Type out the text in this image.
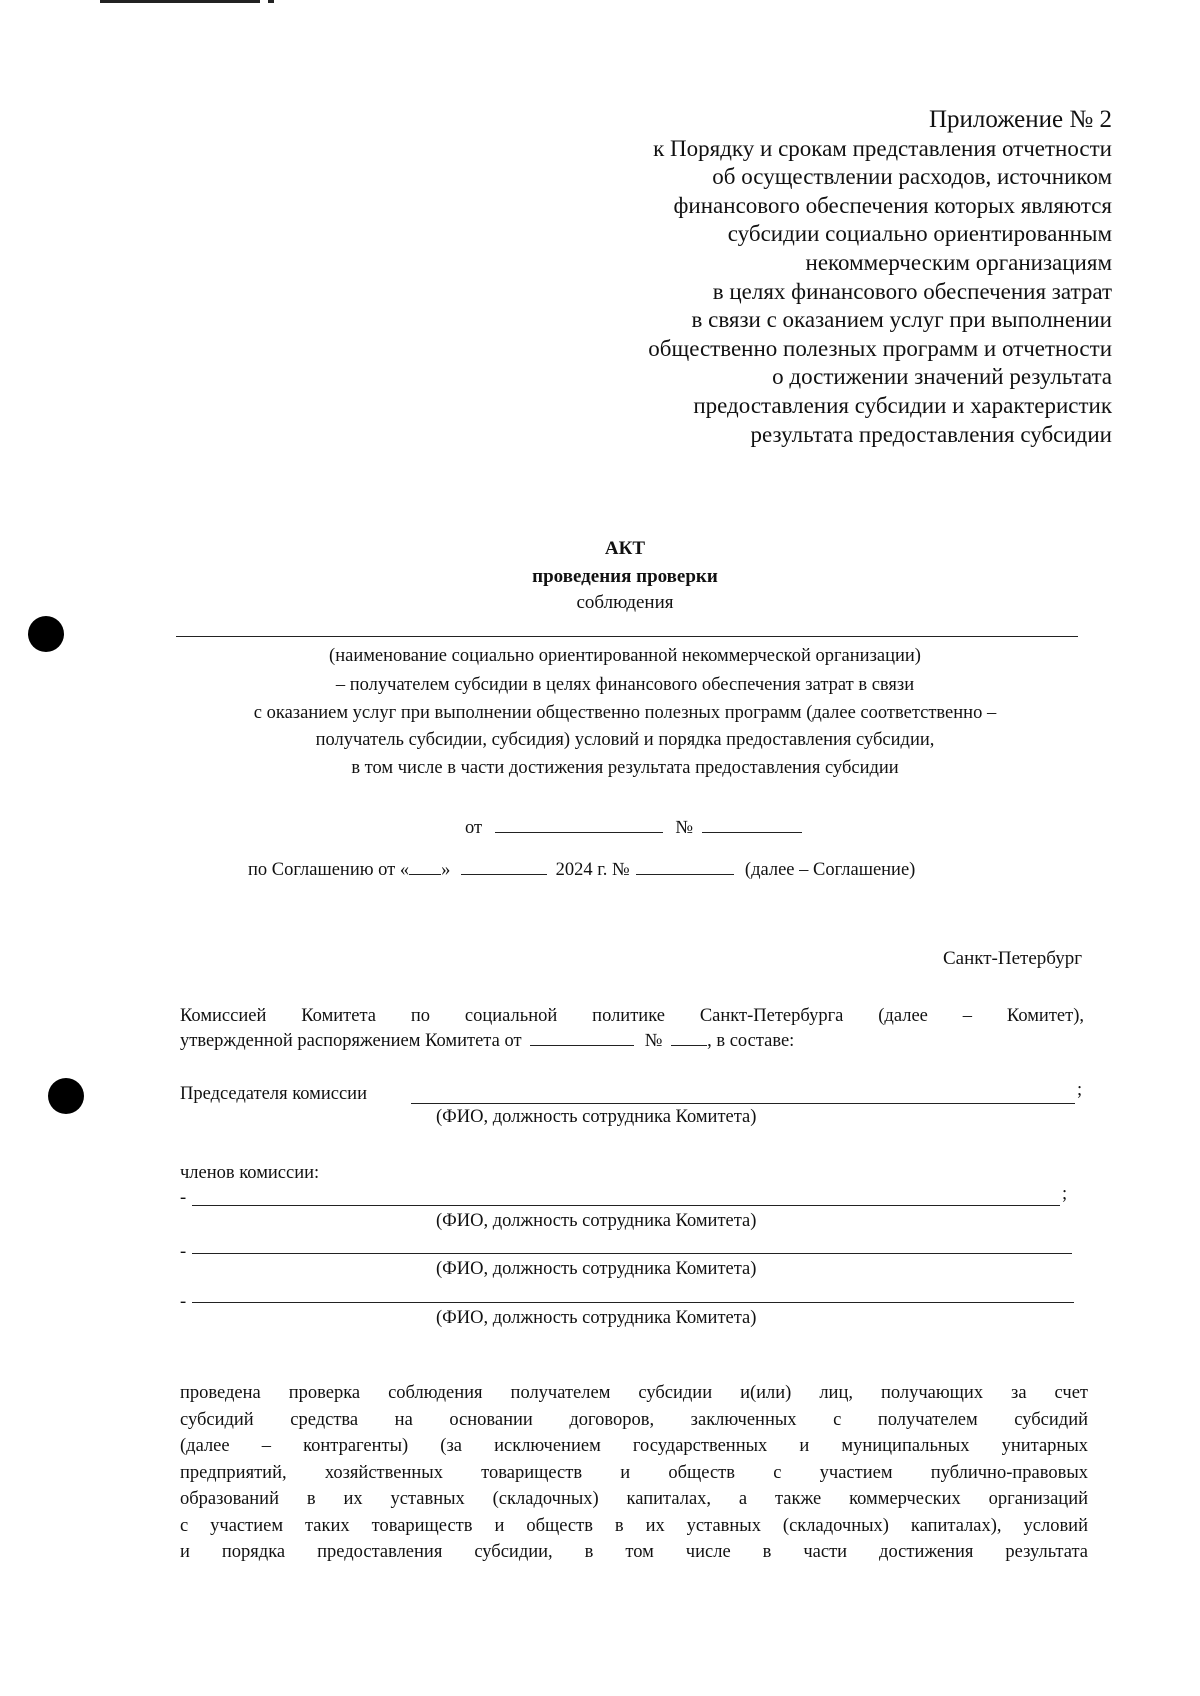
Приложение № 2
к Порядку и срокам представления отчетности
об осуществлении расходов, источником
финансового обеспечения которых являются
субсидии социально ориентированным
некоммерческим организациям
в целях финансового обеспечения затрат
в связи с оказанием услуг при выполнении
общественно полезных программ и отчетности
о достижении значений результата
предоставления субсидии и характеристик
результата предоставления субсидии
АКТ
проведения проверки
соблюдения
(наименование социально ориентированной некоммерческой организации)
– получателем субсидии в целях финансового обеспечения затрат в связи
с оказанием услуг при выполнении общественно полезных программ (далее соответственно –
получатель субсидии, субсидия) условий и порядка предоставления субсидии,
в том числе в части достижения результата предоставления субсидии
от	№
по Соглашению от « »	2024 г. №	(далее – Соглашение)
Санкт-Петербург
Комиссией Комитета по социальной политике Санкт-Петербурга (далее – Комитет),
утвержденной распоряжением Комитета от	№ , в составе:
Председателя комиссии	;
(ФИО, должность сотрудника Комитета)
членов комиссии:
-	;
(ФИО, должность сотрудника Комитета)
-
(ФИО, должность сотрудника Комитета)
-
(ФИО, должность сотрудника Комитета)
проведена проверка соблюдения получателем субсидии и(или) лиц, получающих за счет
субсидий средства на основании договоров, заключенных с получателем субсидий
(далее – контрагенты) (за исключением государственных и муниципальных унитарных
предприятий, хозяйственных товариществ и обществ с участием публично-правовых
образований в их уставных (складочных) капиталах, а также коммерческих организаций
с участием таких товариществ и обществ в их уставных (складочных) капиталах), условий
и порядка предоставления субсидии, в том числе в части достижения результата
